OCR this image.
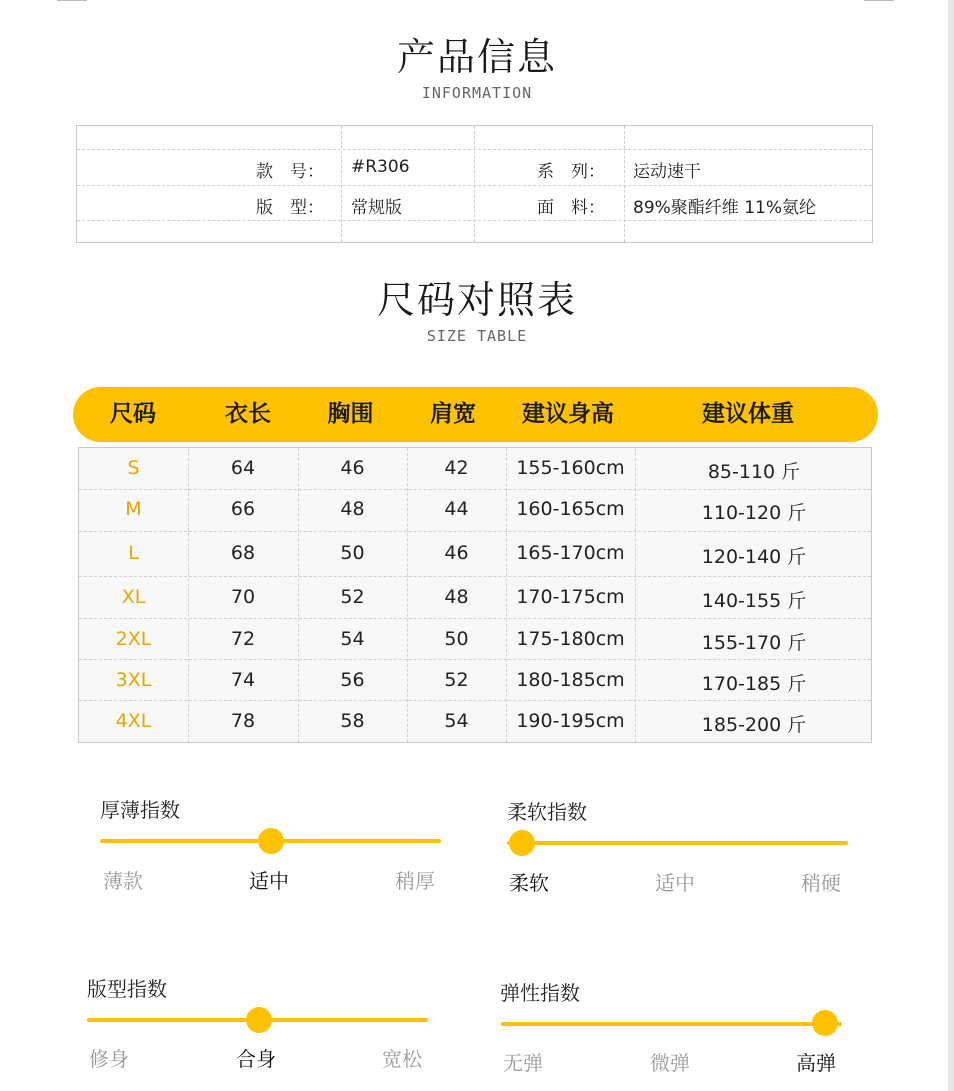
产品信息
INFORMATION
款　号： #R306	系　列： 运动速干
版　型： 常规版	面　料： 89%聚酯纤维 11%氨纶
尺码对照表
SIZE TABLE
尺码	衣长	胸围	肩宽	建议身高	建议体重
S	64	46	42	155-160cm	85-110 斤
M	66	48	44	160-165cm	110-120 斤
L	68	50	46	165-170cm	120-140 斤
XL	70	52	48	170-175cm	140-155 斤
2XL	72	54	50	175-180cm	155-170 斤
3XL	74	56	52	180-185cm	170-185 斤
4XL	78	58	54	190-195cm	185-200 斤
厚薄指数
薄款	适中	稍厚
柔软指数
柔软	适中	稍硬
版型指数
修身	合身	宽松
弹性指数
无弹	微弹	高弹
